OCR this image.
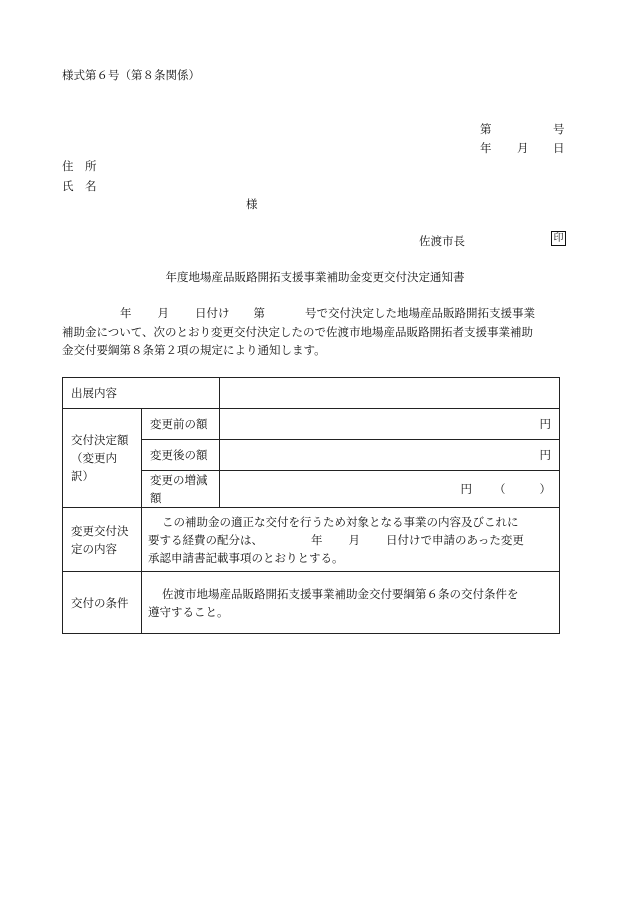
様式第６号（第８条関係）
第	号
年 月 日
住　所
氏　名
様
佐渡市長	印
年度地場産品販路開拓支援事業補助金変更交付決定通知書
年 月 日付け 第	号で交付決定した地場産品販路開拓支援事業
補助金について、次のとおり変更交付決定したので佐渡市地場産品販路開拓者支援事業補助
金交付要綱第８条第２項の規定により通知します。
出展内容		

交付決定額
（変更内訳）	変更前の額	円
	変更後の額	円
	変更の増減額	円 （ ）
変更交付決定の内容	この補助金の適正な交付を行うため対象となる事業の内容及びこれに
要する経費の配分は、 年 月 日付けで申請のあった変更
承認申請書記載事項のとおりとする。	

交付の条件	佐渡市地場産品販路開拓支援事業補助金交付要綱第６条の交付条件を
遵守すること。	
